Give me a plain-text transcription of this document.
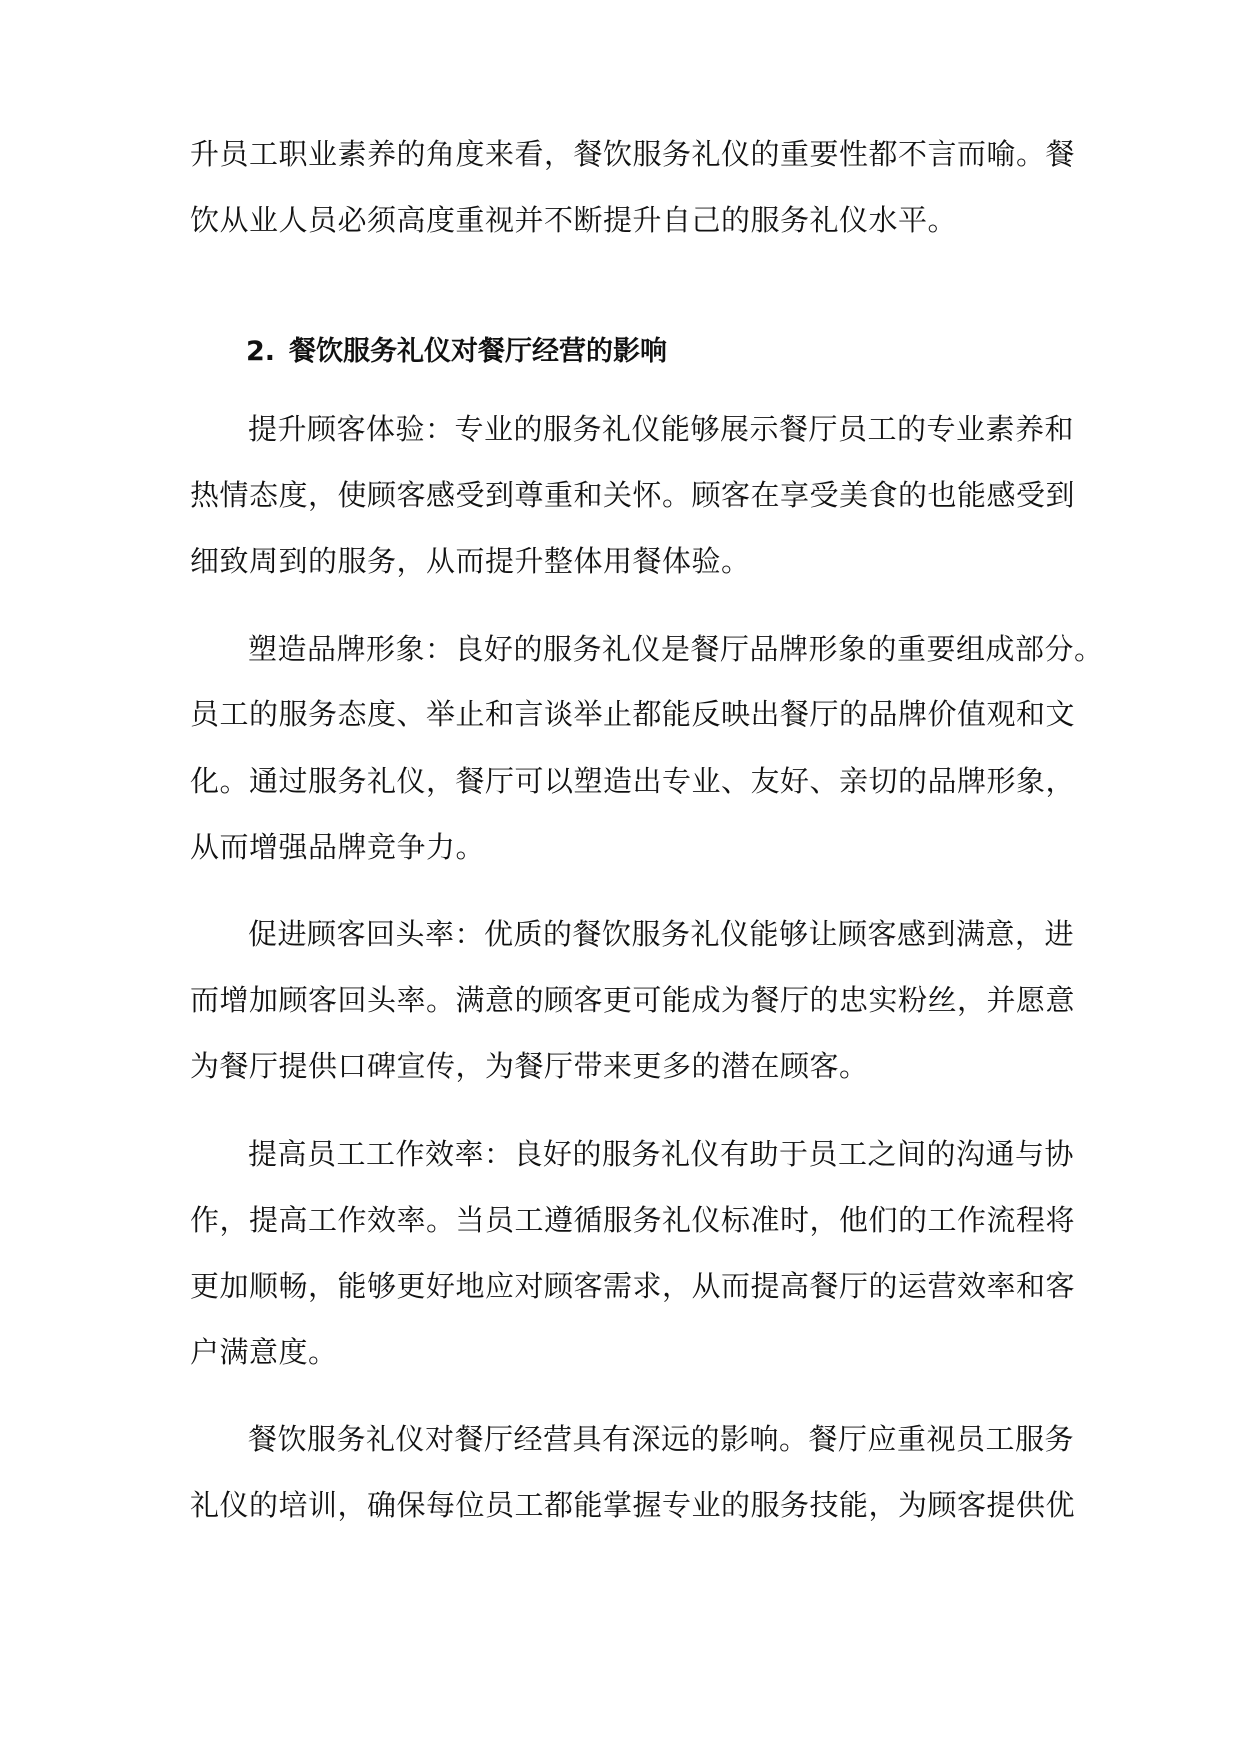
升员工职业素养的角度来看，餐饮服务礼仪的重要性都不言而喻。餐
饮从业人员必须高度重视并不断提升自己的服务礼仪水平。
2. 餐饮服务礼仪对餐厅经营的影响
提升顾客体验：专业的服务礼仪能够展示餐厅员工的专业素养和
热情态度，使顾客感受到尊重和关怀。顾客在享受美食的也能感受到
细致周到的服务，从而提升整体用餐体验。
塑造品牌形象：良好的服务礼仪是餐厅品牌形象的重要组成部分。
员工的服务态度、举止和言谈举止都能反映出餐厅的品牌价值观和文
化。通过服务礼仪，餐厅可以塑造出专业、友好、亲切的品牌形象，
从而增强品牌竞争力。
促进顾客回头率：优质的餐饮服务礼仪能够让顾客感到满意，进
而增加顾客回头率。满意的顾客更可能成为餐厅的忠实粉丝，并愿意
为餐厅提供口碑宣传，为餐厅带来更多的潜在顾客。
提高员工工作效率：良好的服务礼仪有助于员工之间的沟通与协
作，提高工作效率。当员工遵循服务礼仪标准时，他们的工作流程将
更加顺畅，能够更好地应对顾客需求，从而提高餐厅的运营效率和客
户满意度。
餐饮服务礼仪对餐厅经营具有深远的影响。餐厅应重视员工服务
礼仪的培训，确保每位员工都能掌握专业的服务技能，为顾客提供优
